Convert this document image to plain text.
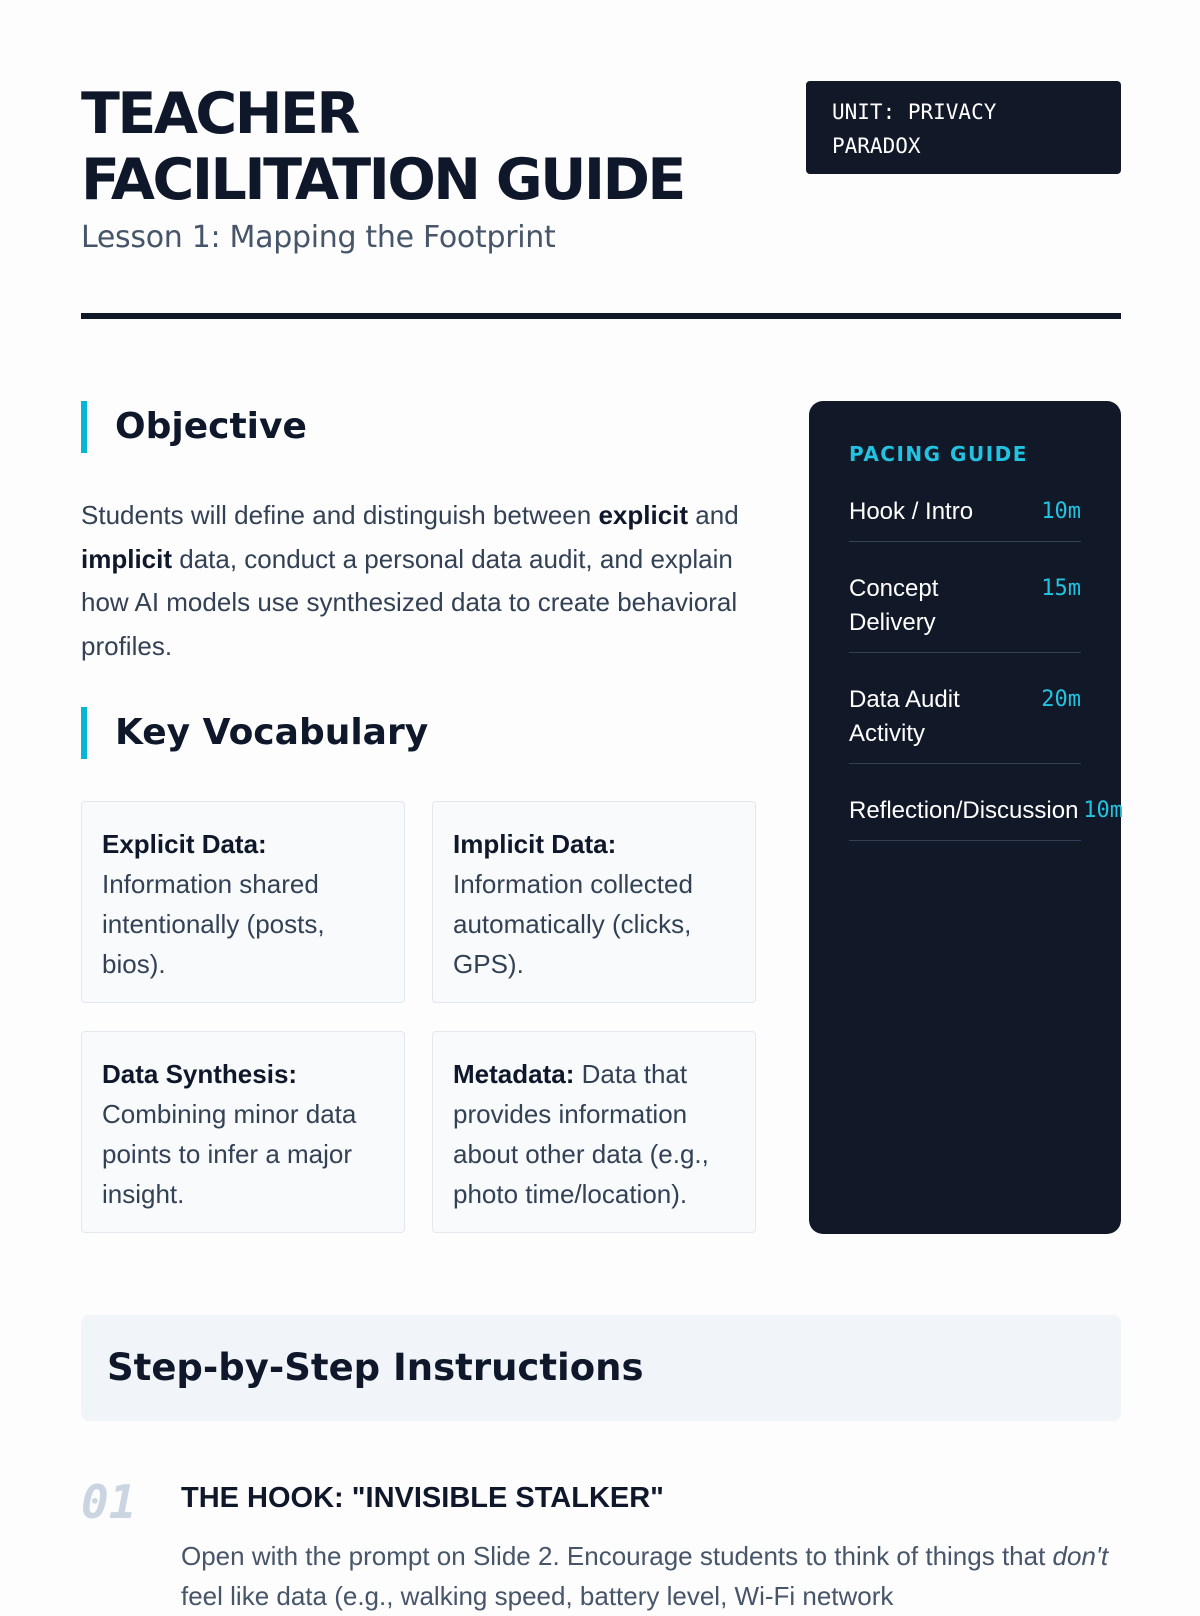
TEACHER FACILITATION GUIDE

Lesson 1: Mapping the Footprint

UNIT: PRIVACY
PARADOX
Objective

Students will define and distinguish between explicit and implicit data, conduct a personal data audit, and explain how AI models use synthesized data to create behavioral profiles.

Key Vocabulary
Explicit Data: Information shared intentionally (posts, bios).
Implicit Data: Information collected automatically (clicks, GPS).
Data Synthesis: Combining minor data points to infer a major insight.
Metadata: Data that provides information about other data (e.g., photo time/location).
PACING GUIDE
Hook / Intro	10m
Concept Delivery
15m
Data Audit Activity
20m
Reflection/Discussion 10m
Step-by-Step Instructions
01 THE HOOK: "INVISIBLE STALKER"

Open with the prompt on Slide 2. Encourage students to think of things that don't feel like data (e.g., walking speed, battery level, Wi-Fi network
